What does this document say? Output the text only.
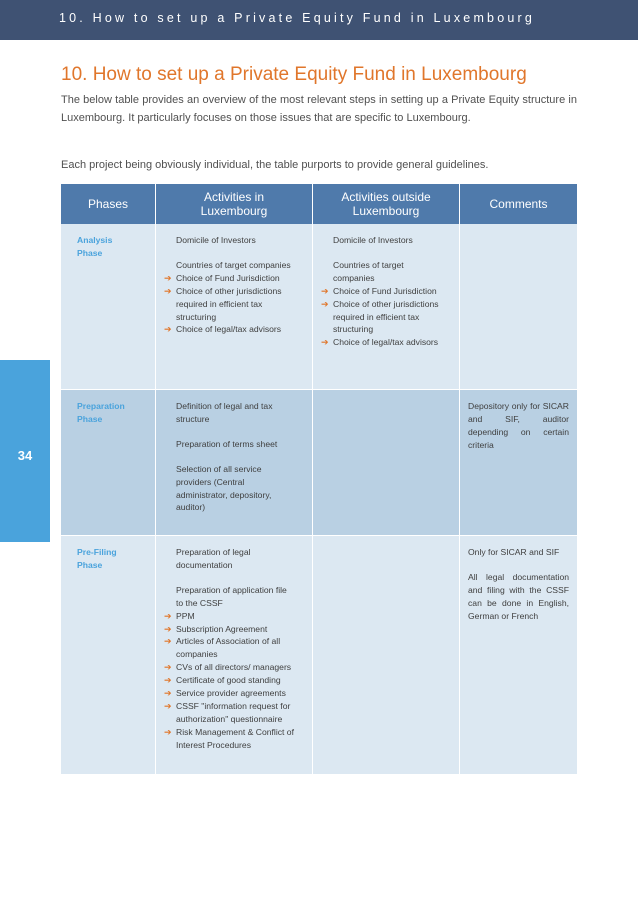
10. How to set up a Private Equity Fund in Luxembourg
34
10. How to set up a Private Equity Fund in Luxembourg
The below table provides an overview of the most relevant steps in setting up a Private Equity structure in Luxembourg. It particularly focuses on those issues that are specific to Luxembourg.
Each project being obviously individual, the table purports to provide general guidelines.
Phases	Activities in Luxembourg
Activities outside Luxembourg	Comments
Analysis Phase
Domicile of Investors
Countries of target companies
➔ Choice of Fund Jurisdiction
➔ Choice of other jurisdictions required in efficient tax structuring
➔ Choice of legal/tax advisors
Domicile of Investors
Countries of target companies
➔ Choice of Fund Jurisdiction
➔ Choice of other jurisdictions required in efficient tax structuring
➔ Choice of legal/tax advisors
Preparation Phase
Definition of legal and tax structure
Preparation of terms sheet
Selection of all service providers (Central administrator, depository, auditor)
Depository only for SICAR and SIF, auditor depending on certain criteria
Pre-Filing Phase
Preparation of legal documentation
Preparation of application file to the CSSF
➔ PPM
➔ Subscription Agreement
➔ Articles of Association of all companies
➔ CVs of all directors/ managers
➔ Certificate of good standing
➔ Service provider agreements
➔ CSSF "information request for authorization" questionnaire
➔ Risk Management & Conflict of Interest Procedures
Only for SICAR and SIF
All legal documentation and filing with the CSSF can be done in English, German or French
